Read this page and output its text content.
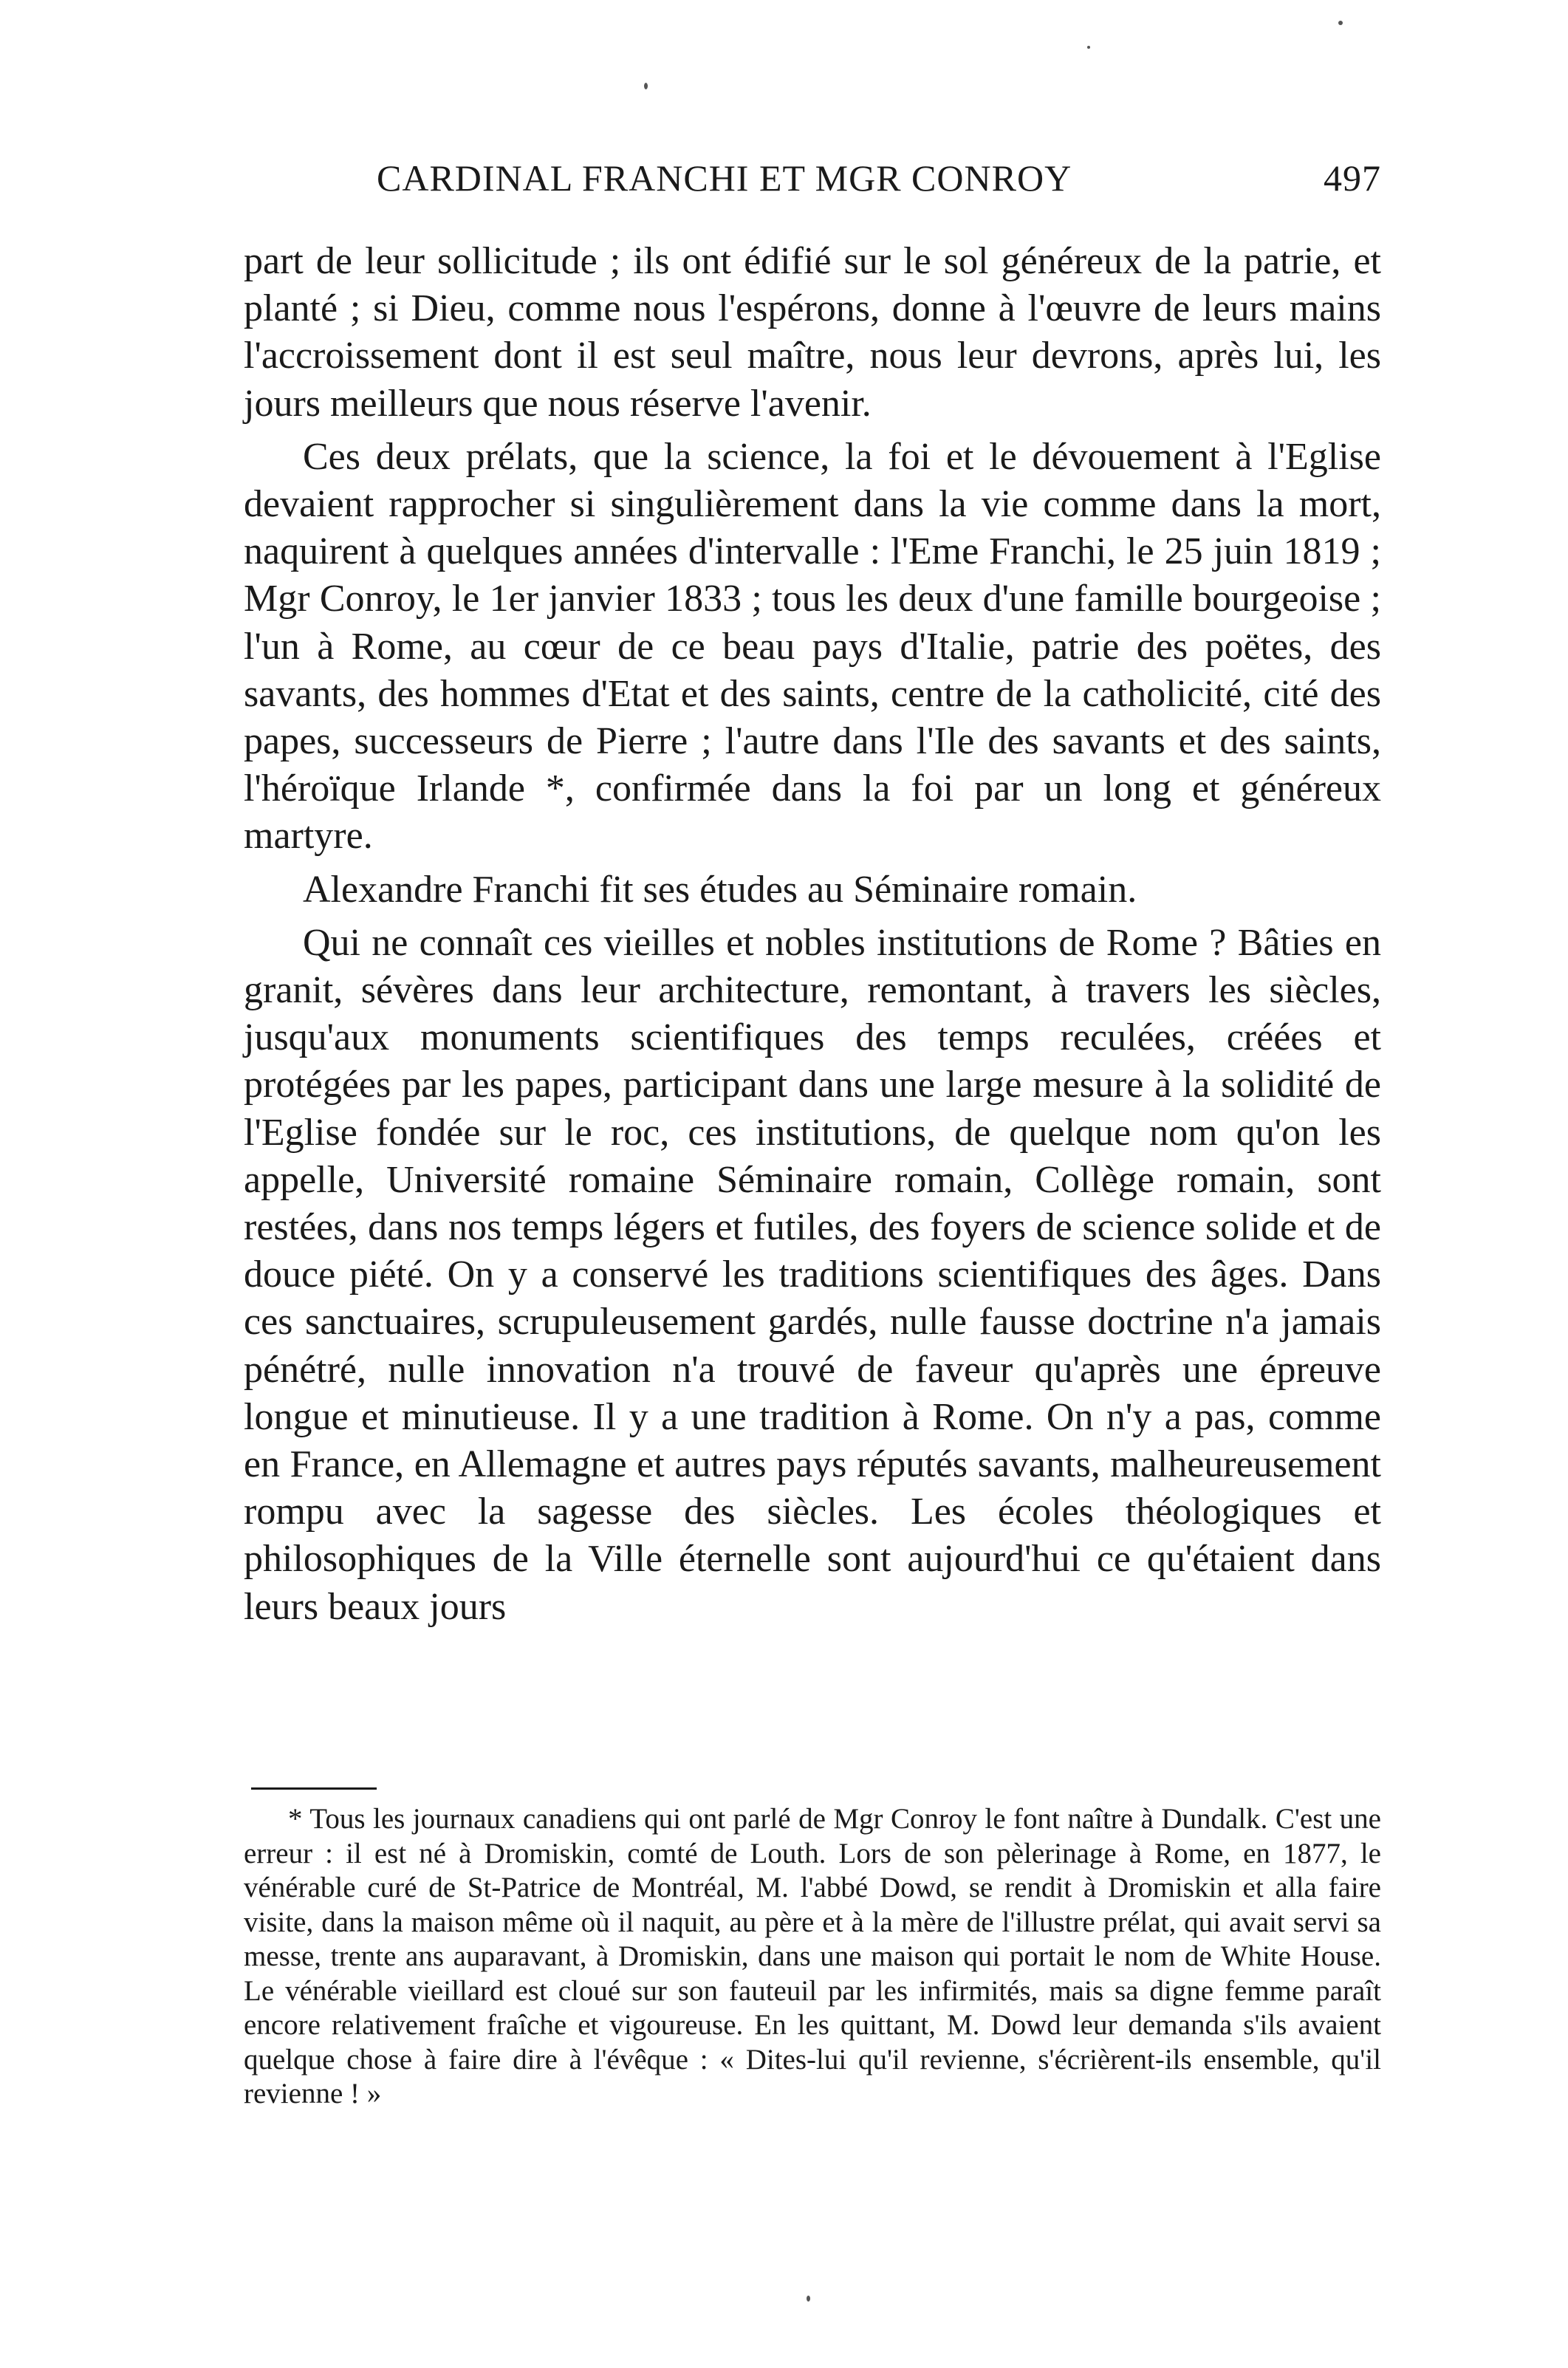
CARDINAL FRANCHI ET MGR CONROY	497

part de leur sollicitude ; ils ont édifié sur le sol généreux de la patrie, et planté ; si Dieu, comme nous l'espérons, donne à l'œuvre de leurs mains l'accroissement dont il est seul maître, nous leur devrons, après lui, les jours meilleurs que nous réserve l'avenir.

Ces deux prélats, que la science, la foi et le dévouement à l'Eglise devaient rapprocher si singulièrement dans la vie comme dans la mort, naquirent à quelques années d'intervalle : l'Eme Franchi, le 25 juin 1819 ; Mgr Conroy, le 1er janvier 1833 ; tous les deux d'une famille bourgeoise ; l'un à Rome, au cœur de ce beau pays d'Italie, patrie des poëtes, des savants, des hommes d'Etat et des saints, centre de la catholicité, cité des papes, successeurs de Pierre ; l'autre dans l'Ile des savants et des saints, l'héroïque Irlande *, confirmée dans la foi par un long et généreux martyre.

Alexandre Franchi fit ses études au Séminaire romain.

Qui ne connaît ces vieilles et nobles institutions de Rome ? Bâties en granit, sévères dans leur architecture, remontant, à travers les siècles, jusqu'aux monuments scientifiques des temps reculées, créées et protégées par les papes, participant dans une large mesure à la solidité de l'Eglise fondée sur le roc, ces institutions, de quelque nom qu'on les appelle, Université romaine Séminaire romain, Collège romain, sont restées, dans nos temps légers et futiles, des foyers de science solide et de douce piété. On y a conservé les traditions scientifiques des âges. Dans ces sanctuaires, scrupuleusement gardés, nulle fausse doctrine n'a jamais pénétré, nulle innovation n'a trouvé de faveur qu'après une épreuve longue et minutieuse. Il y a une tradition à Rome. On n'y a pas, comme en France, en Allemagne et autres pays réputés savants, malheureusement rompu avec la sagesse des siècles. Les écoles théologiques et philosophiques de la Ville éternelle sont aujourd'hui ce qu'étaient dans leurs beaux jours

* Tous les journaux canadiens qui ont parlé de Mgr Conroy le font naître à Dundalk. C'est une erreur : il est né à Dromiskin, comté de Louth. Lors de son pèlerinage à Rome, en 1877, le vénérable curé de St-Patrice de Montréal, M. l'abbé Dowd, se rendit à Dromiskin et alla faire visite, dans la maison même où il naquit, au père et à la mère de l'illustre prélat, qui avait servi sa messe, trente ans auparavant, à Dromiskin, dans une maison qui portait le nom de White House. Le vénérable vieillard est cloué sur son fauteuil par les infirmités, mais sa digne femme paraît encore relativement fraîche et vigoureuse. En les quittant, M. Dowd leur demanda s'ils avaient quelque chose à faire dire à l'évêque : « Dites-lui qu'il revienne, s'écrièrent-ils ensemble, qu'il revienne ! »
